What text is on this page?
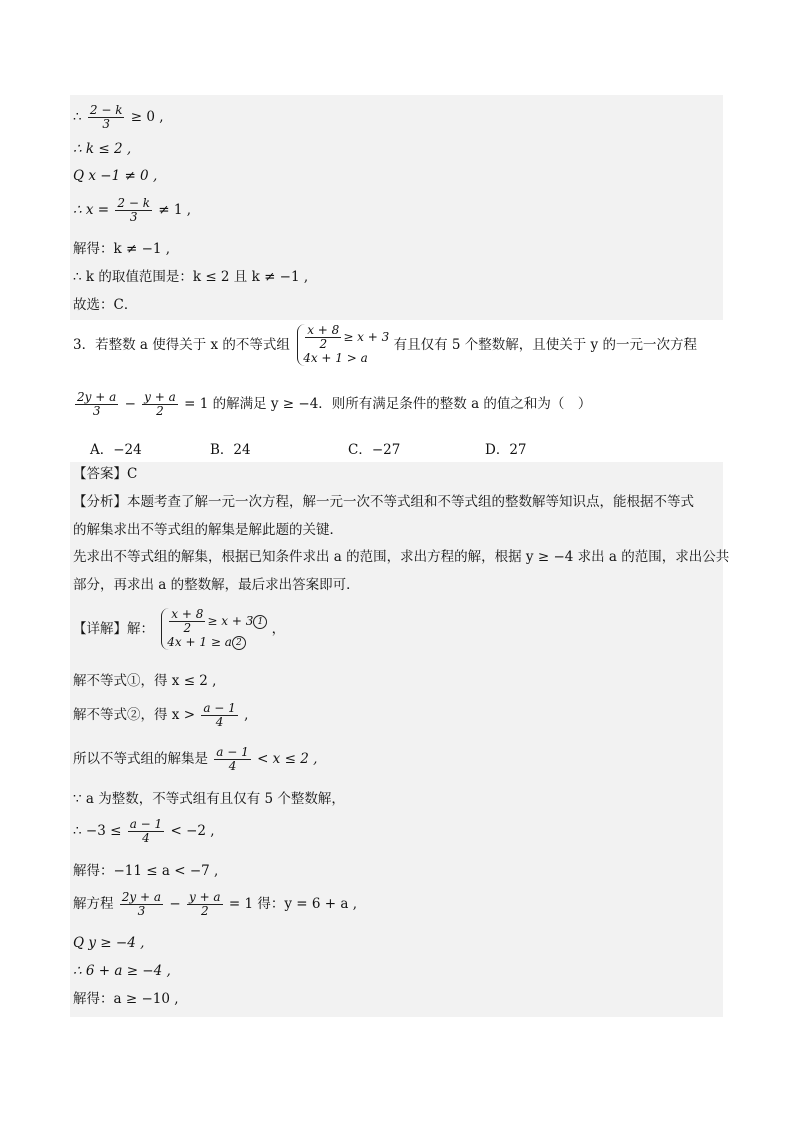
∴ $\frac{2 - k}{3} \ge 0$ ,
∴ k ≤ 2 ,
Q x −1 ≠ 0 ,
∴ $x = \frac{2 - k}{3} \ne 1$ ,
解得：k ≠ −1 ,
∴ k 的取值范围是：k ≤ 2 且 k ≠ −1 ,
故选：C．
3．若整数 a 使得关于 x 的不等式组 $\frac{x + 8}{2} \ge x + 3$
4x + 1 > a
有且仅有 5 个整数解，且使关于 y 的一元一次方程
$\frac{2y + a}{3} - \frac{y + a}{2} = 1$ 的解满足 y ≥ −4．则所有满足条件的整数 a 的值之和为（　）
A．−24	B．24	C．−27	D．27
【答案】C
【分析】本题考查了解一元一次方程，解一元一次不等式组和不等式组的整数解等知识点，能根据不等式
的解集求出不等式组的解集是解此题的关键．
先求出不等式组的解集，根据已知条件求出 a 的范围，求出方程的解，根据 y ≥ −4 求出 a 的范围，求出公共
部分，再求出 a 的整数解，最后求出答案即可．
【详解】解： $\frac{x + 8}{2} \ge x + 3$ 1
4x + 1 ≥ a 2
，
解不等式①，得 x ≤ 2 ,
解不等式②，得 $x > \frac{a - 1}{4}$ ,
所以不等式组的解集是 $\frac{a - 1}{4} < x \le 2$ ,
∵ a 为整数，不等式组有且仅有 5 个整数解，
∴ $-3 \le \frac{a - 1}{4} < -2$ ,
解得：−11 ≤ a < −7 ,
解方程 $\frac{2y + a}{3} - \frac{y + a}{2} = 1$ 得：y = 6 + a ,
Q y ≥ −4 ,
∴ 6 + a ≥ −4 ,
解得：a ≥ −10 ,
